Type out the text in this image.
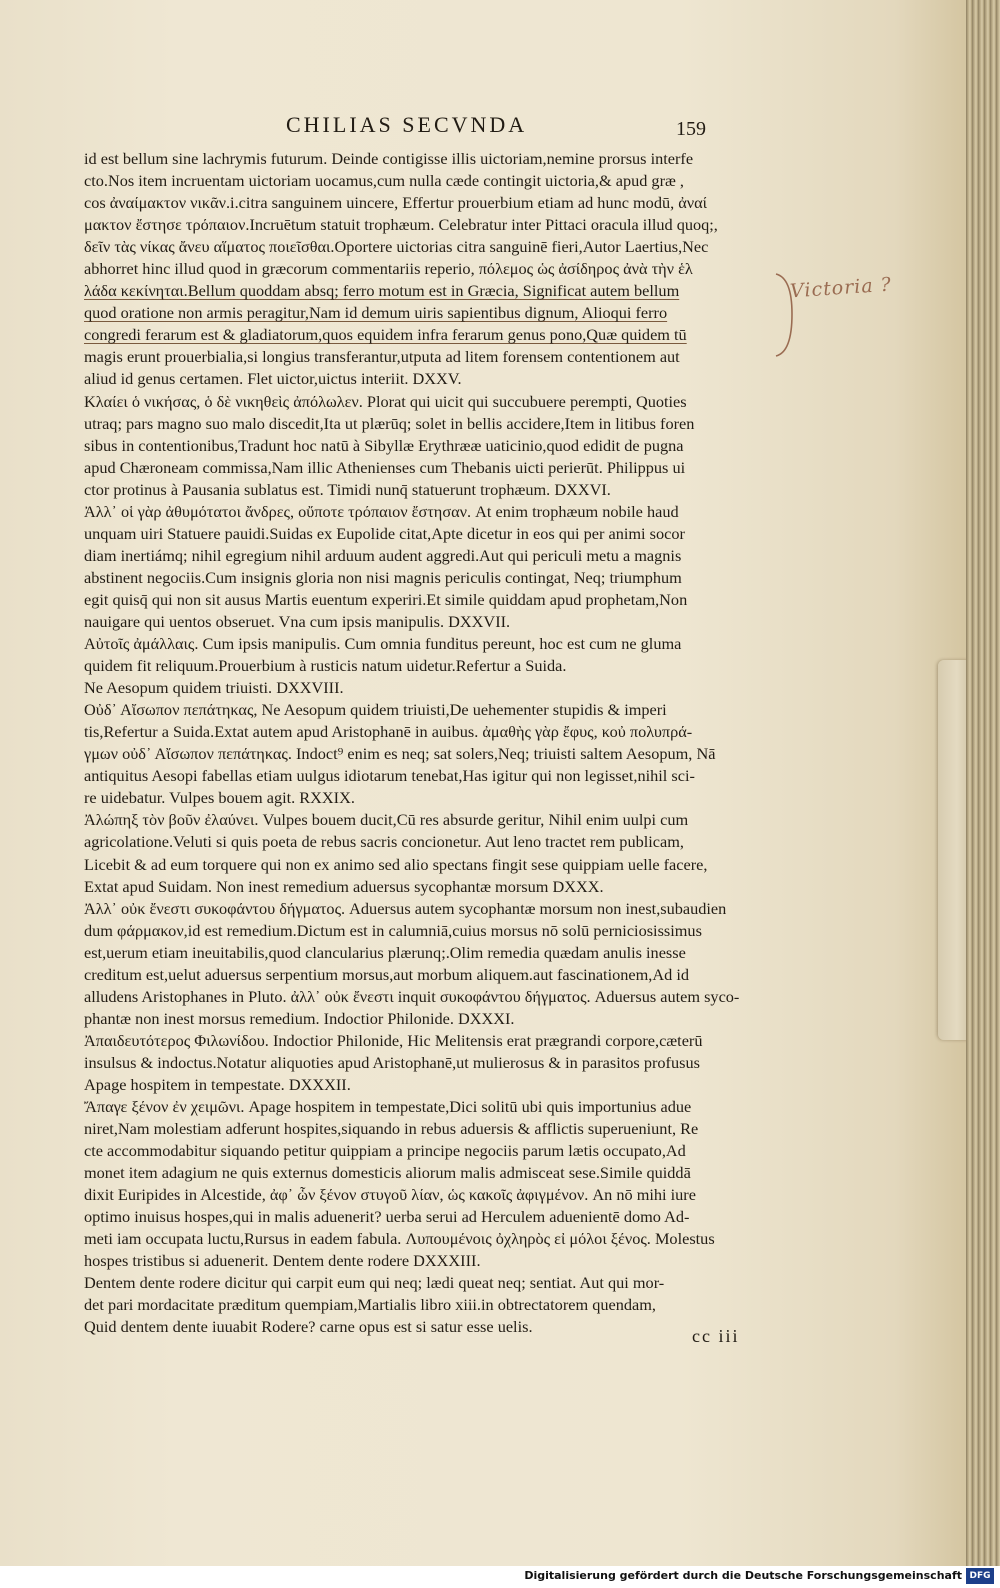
CHILIAS SECVNDA	159
id est bellum sine lachrymis futurum. Deinde contigisse illis uictoriam,nemine prorsus interfe
cto.Nos item incruentam uictoriam uocamus,cum nulla cæde contingit uictoria,& apud græ ,
cos ἀναίμακτον νικᾶν.i.citra sanguinem uincere, Effertur prouerbium etiam ad hunc modū, ἀναί
μακτον ἔστησε τρόπαιον.Incruētum statuit trophæum. Celebratur inter Pittaci oracula illud quoq;,
δεῖν τὰς νίκας ἄνευ αἵματος ποιεῖσθαι.Oportere uictorias citra sanguinē fieri,Autor Laertius,Nec
abhorret hinc illud quod in græcorum commentariis reperio, πόλεμος ὡς ἀσίδηρος ἀνὰ τὴν ἑλ
λάδα κεκίνηται.Bellum quoddam absq; ferro motum est in Græcia, Significat autem bellum
quod oratione non armis peragitur,Nam id demum uiris sapientibus dignum, Alioqui ferro
congredi ferarum est & gladiatorum,quos equidem infra ferarum genus pono,Quæ quidem tū
magis erunt prouerbialia,si longius transferantur,utputa ad litem forensem contentionem aut
aliud id genus certamen. Flet uictor,uictus interiit. DXXV.
Κλαίει ὁ νικήσας, ὁ δὲ νικηθεὶς ἀπόλωλεν. Plorat qui uicit qui succubuere perempti, Quoties
utraq; pars magno suo malo discedit,Ita ut plærūq; solet in bellis accidere,Item in litibus foren
sibus in contentionibus,Tradunt hoc natū à Sibyllæ Erythrææ uaticinio,quod edidit de pugna
apud Chæroneam commissa,Nam illic Athenienses cum Thebanis uicti perierūt. Philippus ui
ctor protinus à Pausania sublatus est. Timidi nunq̄ statuerunt trophæum. DXXVI.
Ἀλλ᾽ οἱ γὰρ ἀθυμότατοι ἄνδρες, οὔποτε τρόπαιον ἔστησαν. At enim trophæum nobile haud
unquam uiri Statuere pauidi.Suidas ex Eupolide citat,Apte dicetur in eos qui per animi socor
diam inertiámq; nihil egregium nihil arduum audent aggredi.Aut qui periculi metu a magnis
abstinent negociis.Cum insignis gloria non nisi magnis periculis contingat, Neq; triumphum
egit quisq̄ qui non sit ausus Martis euentum experiri.Et simile quiddam apud prophetam,Non
nauigare qui uentos obseruet. Vna cum ipsis manipulis. DXXVII.
Αὐτοῖς ἀμάλλαις. Cum ipsis manipulis. Cum omnia funditus pereunt, hoc est cum ne gluma
quidem fit reliquum.Prouerbium à rusticis natum uidetur.Refertur a Suida.
Ne Aesopum quidem triuisti. DXXVIII.
Οὐδ᾽ Αἴσωπον πεπάτηκας, Ne Aesopum quidem triuisti,De uehementer stupidis & imperi
tis,Refertur a Suida.Extat autem apud Aristophanē in auibus. ἀμαθὴς γὰρ ἔφυς, κοὐ πολυπρά-
γμων οὐδ᾽ Αἴσωπον πεπάτηκας. Indoct⁹ enim es neq; sat solers,Neq; triuisti saltem Aesopum, Nā
antiquitus Aesopi fabellas etiam uulgus idiotarum tenebat,Has igitur qui non legisset,nihil sci-
re uidebatur. Vulpes bouem agit. RXXIX.
Ἀλώπηξ τὸν βοῦν ἐλαύνει. Vulpes bouem ducit,Cū res absurde geritur, Nihil enim uulpi cum
agricolatione.Veluti si quis poeta de rebus sacris concionetur. Aut leno tractet rem publicam,
Licebit & ad eum torquere qui non ex animo sed alio spectans fingit sese quippiam uelle facere,
Extat apud Suidam. Non inest remedium aduersus sycophantæ morsum DXXX.
Ἀλλ᾽ οὐκ ἔνεστι συκοφάντου δήγματος. Aduersus autem sycophantæ morsum non inest,subaudien
dum φάρμακον,id est remedium.Dictum est in calumniā,cuius morsus nō solū perniciosissimus
est,uerum etiam ineuitabilis,quod clancularius plærunq;.Olim remedia quædam anulis inesse
creditum est,uelut aduersus serpentium morsus,aut morbum aliquem.aut fascinationem,Ad id
alludens Aristophanes in Pluto. ἀλλ᾽ οὐκ ἔνεστι inquit συκοφάντου δήγματος. Aduersus autem syco-
phantæ non inest morsus remedium. Indoctior Philonide. DXXXI.
Ἀπαιδευτότερος Φιλωνίδου. Indoctior Philonide, Hic Melitensis erat prægrandi corpore,cæterū
insulsus & indoctus.Notatur aliquoties apud Aristophanē,ut mulierosus & in parasitos profusus
Apage hospitem in tempestate. DXXXII.
Ἄπαγε ξένον ἐν χειμῶνι. Apage hospitem in tempestate,Dici solitū ubi quis importunius adue
niret,Nam molestiam adferunt hospites,siquando in rebus aduersis & afflictis superueniunt, Re
cte accommodabitur siquando petitur quippiam a principe negociis parum lætis occupato,Ad
monet item adagium ne quis externus domesticis aliorum malis admisceat sese.Simile quiddā
dixit Euripides in Alcestide, ἀφ᾽ ὧν ξένον στυγοῦ λίαν, ὡς κακοῖς ἀφιγμένον. An nō mihi iure
optimo inuisus hospes,qui in malis aduenerit? uerba serui ad Herculem aduenientē domo Ad-
meti iam occupata luctu,Rursus in eadem fabula. Λυπουμένοις ὀχληρὸς εἰ μόλοι ξένος. Molestus
hospes tristibus si aduenerit. Dentem dente rodere DXXXIII.
Dentem dente rodere dicitur qui carpit eum qui neq; lædi queat neq; sentiat. Aut qui mor-
det pari mordacitate præditum quempiam,Martialis libro xiii.in obtrectatorem quendam,
Quid dentem dente iuuabit Rodere? carne opus est si satur esse uelis.
Victoria ?
cc iii
Digitalisierung gefördert durch die Deutsche Forschungsgemeinschaft DFG
